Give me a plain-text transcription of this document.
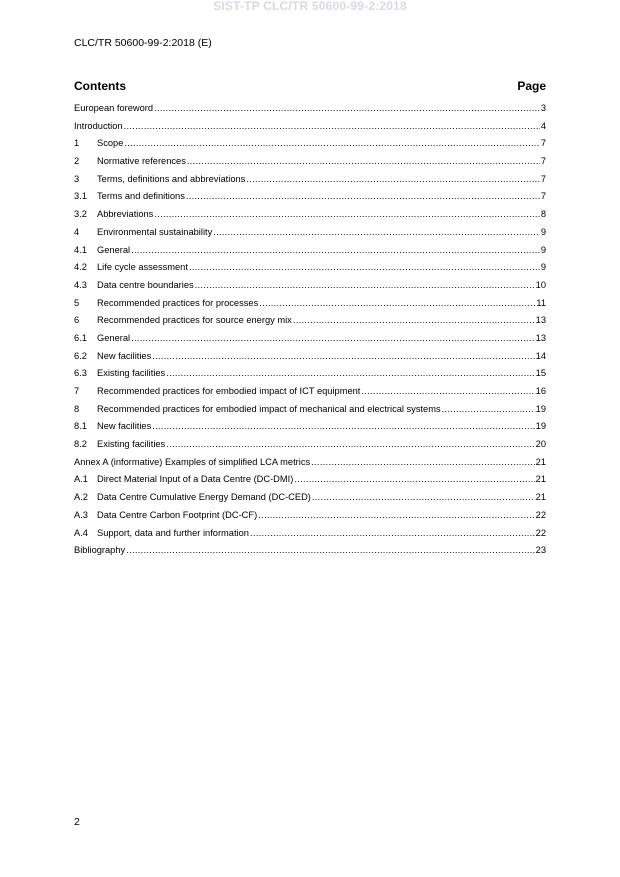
SIST-TP CLC/TR 50600-99-2:2018
CLC/TR 50600-99-2:2018 (E)
Contents	Page
European foreword .....	3
Introduction .....	4
1	Scope .....	7
2	Normative references .....	7
3	Terms, definitions and abbreviations .....	7
3.1	Terms and definitions .....	7
3.2	Abbreviations .....	8
4	Environmental sustainability .....	9
4.1	General .....	9
4.2	Life cycle assessment .....	9
4.3	Data centre boundaries .....	10
5	Recommended practices for processes .....	11
6	Recommended practices for source energy mix .....	13
6.1	General .....	13
6.2	New facilities .....	14
6.3	Existing facilities .....	15
7	Recommended practices for embodied impact of ICT equipment .....	16
8	Recommended practices for embodied impact of mechanical and electrical systems .....	19
8.1	New facilities .....	19
8.2	Existing facilities .....	20
Annex A (informative) Examples of simplified LCA metrics .....	21
A.1 Direct Material Input of a Data Centre (DC-DMI) .....	21
A.2 Data Centre Cumulative Energy Demand (DC-CED) .....	21
A.3 Data Centre Carbon Footprint (DC-CF) .....	22
A.4 Support, data and further information .....	22
Bibliography .....	23
2
